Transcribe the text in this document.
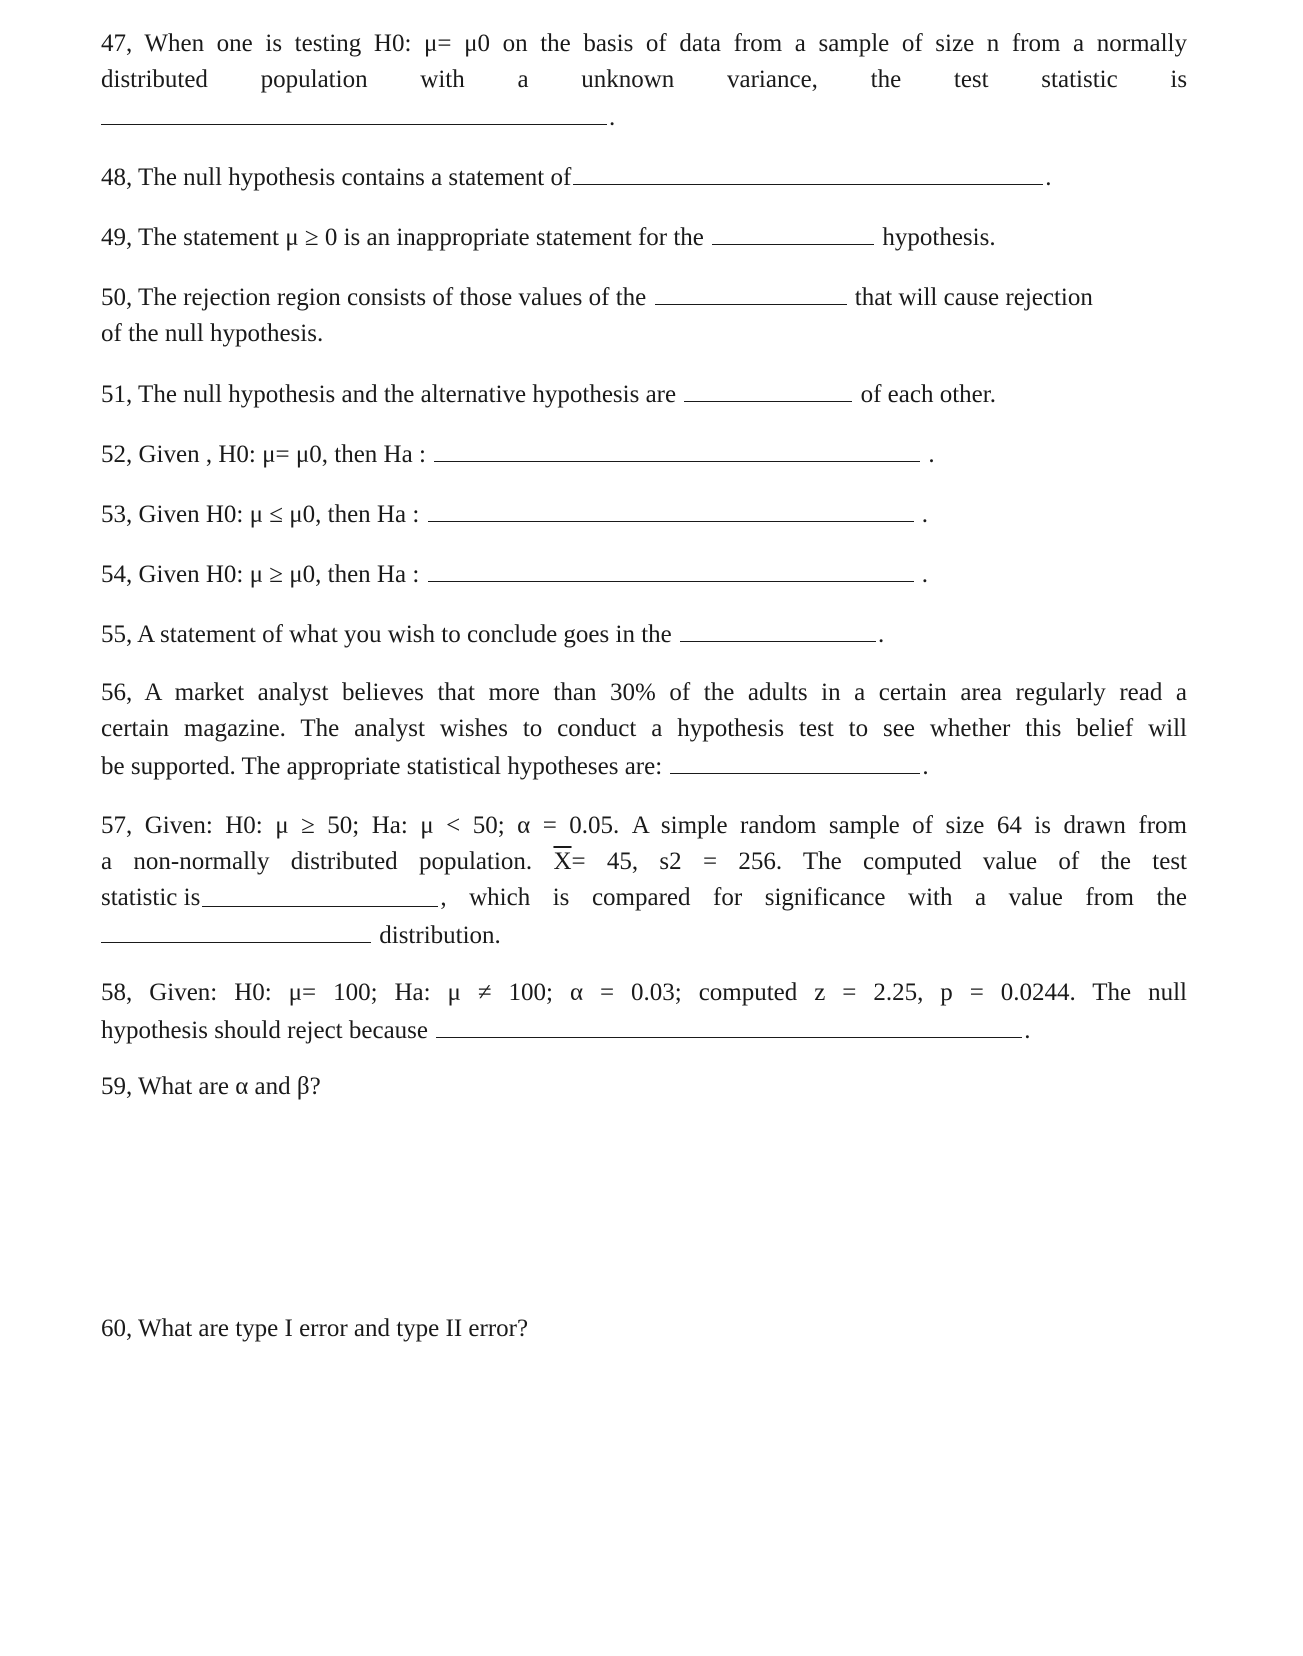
47, When one is testing H0: μ= μ0 on the basis of data from a sample of size n from a normally
distributed population with a unknown variance, the test statistic is
.
48, The null hypothesis contains a statement of	.
49, The statement μ ≥ 0 is an inappropriate statement for the	hypothesis.
50, The rejection region consists of those values of the	that will cause rejection
of the null hypothesis.
51, The null hypothesis and the alternative hypothesis are	of each other.
52, Given , H0: μ= μ0, then Ha :	.
53, Given H0: μ ≤ μ0, then Ha :	.
54, Given H0: μ ≥ μ0, then Ha :	.
55, A statement of what you wish to conclude goes in the	.
56, A market analyst believes that more than 30% of the adults in a certain area regularly read a
certain magazine. The analyst wishes to conduct a hypothesis test to see whether this belief will
be supported. The appropriate statistical hypotheses are:	.
57, Given: H0: μ ≥ 50; Ha: μ < 50; α = 0.05. A simple random sample of size 64 is drawn from
a non-normally distributed population. $\overline{X}= 45$, s2 = 256. The computed value of the test
statistic is	, which is compared for significance with a value from the
distribution.
58, Given: H0: μ= 100; Ha: μ ≠ 100; α = 0.03; computed z = 2.25, p = 0.0244. The null
hypothesis should reject because	.
59, What are α and β?
60, What are type I error and type II error?
